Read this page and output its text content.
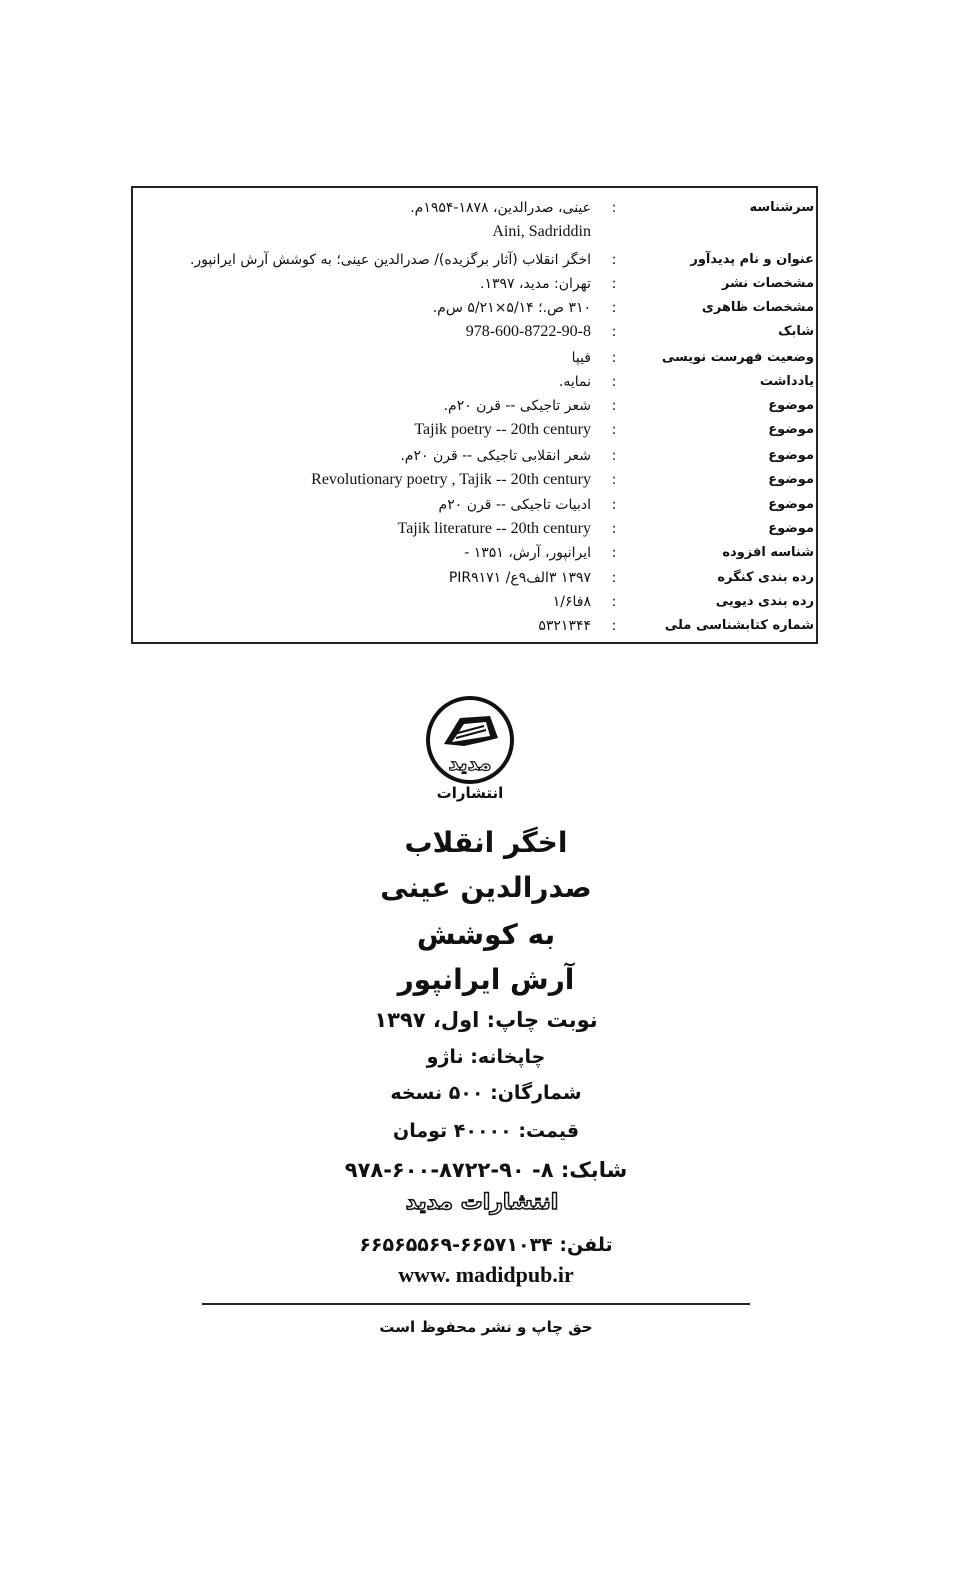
سرشناسه
:
عینی، صدرالدین، ۱۸۷۸-۱۹۵۴م.
Aini, Sadriddin
عنوان و نام پدیدآور
:
اخگر انقلاب (آثار برگزیده)/ صدرالدین عینی؛ به کوشش آرش ایرانپور.
مشخصات نشر
:
تهران: مدید، ۱۳۹۷.
مشخصات ظاهری
:
۳۱۰ ص.؛ ۵/۱۴×۵/۲۱ س‌م.
شابک
:
978-600-8722-90-8
وضعیت فهرست نویسی
:
فیپا
یادداشت
:
نمایه.
موضوع
:
شعر تاجیکی -- قرن ۲۰م.
موضوع
:
Tajik poetry -- 20th century
موضوع
:
شعر انقلابی تاجیکی -- قرن ۲۰م.
موضوع
:
Revolutionary poetry , Tajik -- 20th century
موضوع
:
ادبیات تاجیکی -- قرن ۲۰م
موضوع
:
Tajik literature -- 20th century
شناسه افزوده
:
ایرانپور، آرش، ۱۳۵۱ -
رده بندی کنگره
:
۱۳۹۷ ۳الف۹ع/ PIR۹۱۷۱
رده بندی دیویی
:
۸فا۱/۶
شماره کتابشناسی ملی
:
۵۳۲۱۳۴۴
مدید
انتشارات
اخگر انقلاب
صدرالدین عینی
به کوشش
آرش ایرانپور
نوبت چاپ: اول، ۱۳۹۷
چاپخانه: ناژو
شمارگان: ۵۰۰ نسخه
قیمت: ۴۰۰۰۰ تومان
شابک: ۸- ۹۰-۸۷۲۲-۶۰۰-۹۷۸
انتشارات مدید
تلفن: ۶۶۵۷۱۰۳۴-۶۶۵۶۵۵۶۹
www. madidpub.ir
حق چاپ و نشر محفوظ است
